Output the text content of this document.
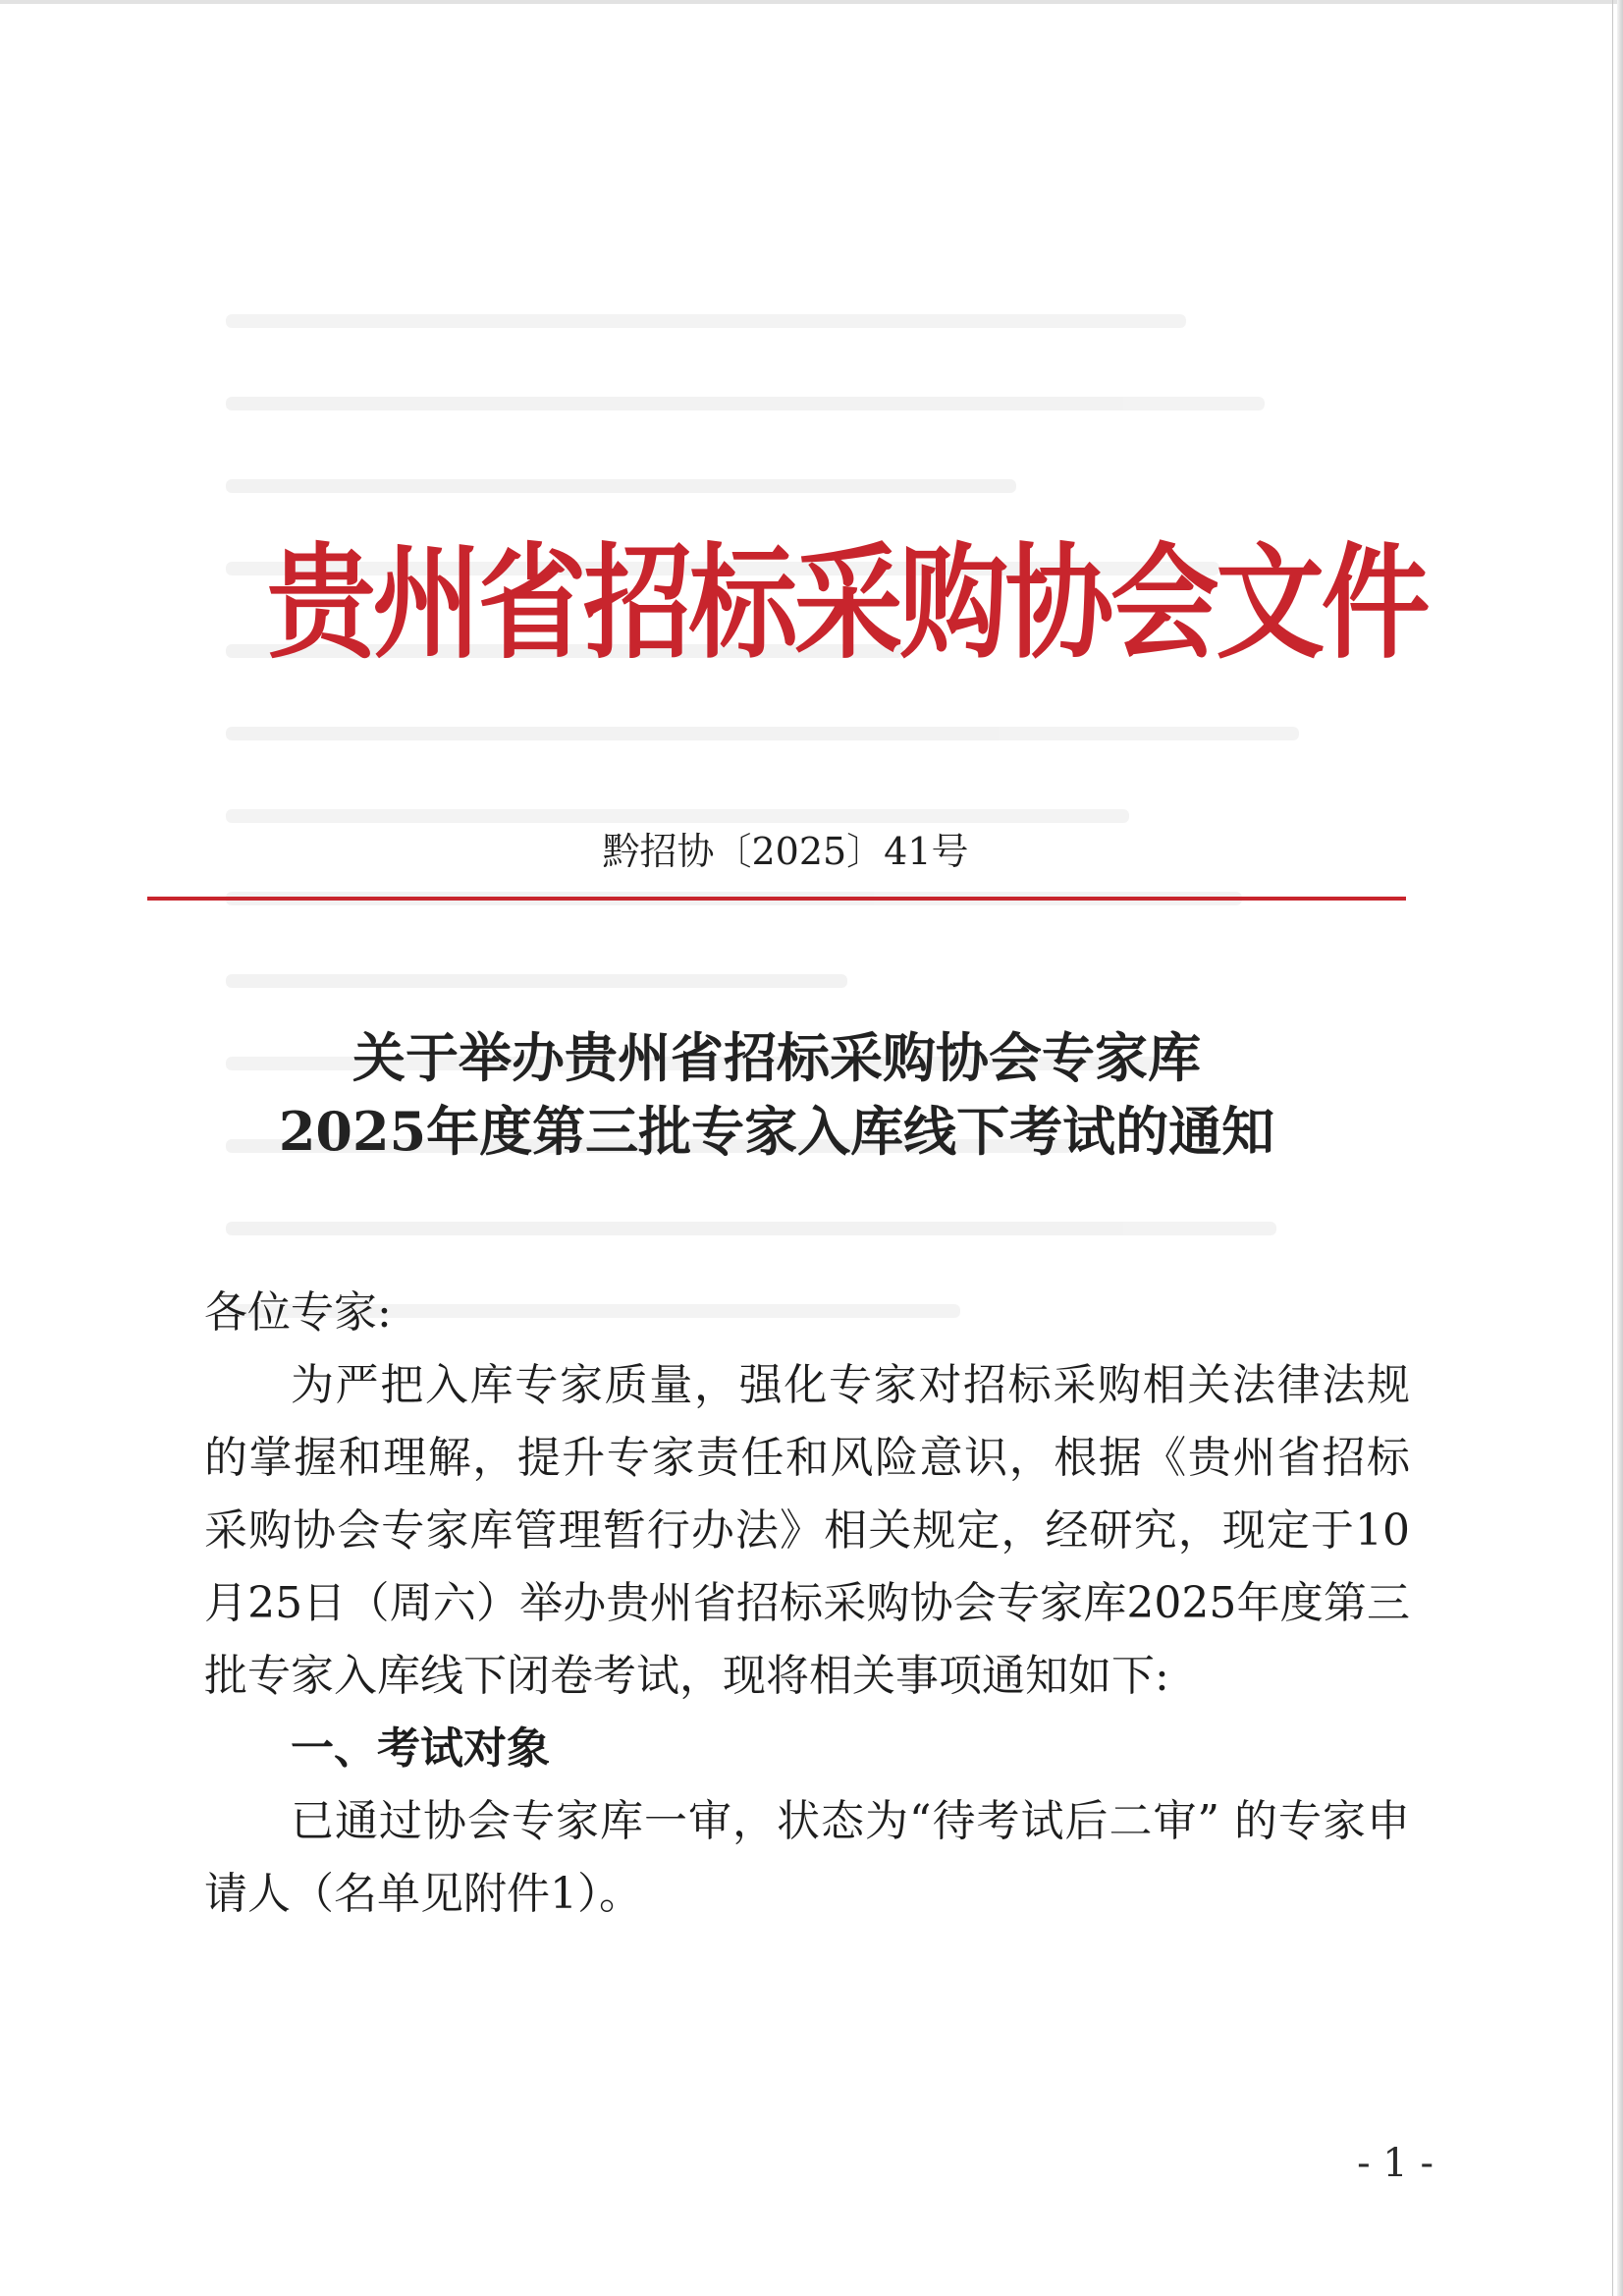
贵州省招标采购协会文件
黔招协〔2025〕41号
关于举办贵州省招标采购协会专家库
2025年度第三批专家入库线下考试的通知

各位专家:

为严把入库专家质量，强化专家对招标采购相关法律法规的掌握和理解，提升专家责任和风险意识，根据《贵州省招标采购协会专家库管理暂行办法》相关规定，经研究，现定于10月25日（周六）举办贵州省招标采购协会专家库2025年度第三批专家入库线下闭卷考试，现将相关事项通知如下:

一、考试对象

已通过协会专家库一审，状态为“待考试后二审” 的专家申请人（名单见附件1）。

- 1 -
